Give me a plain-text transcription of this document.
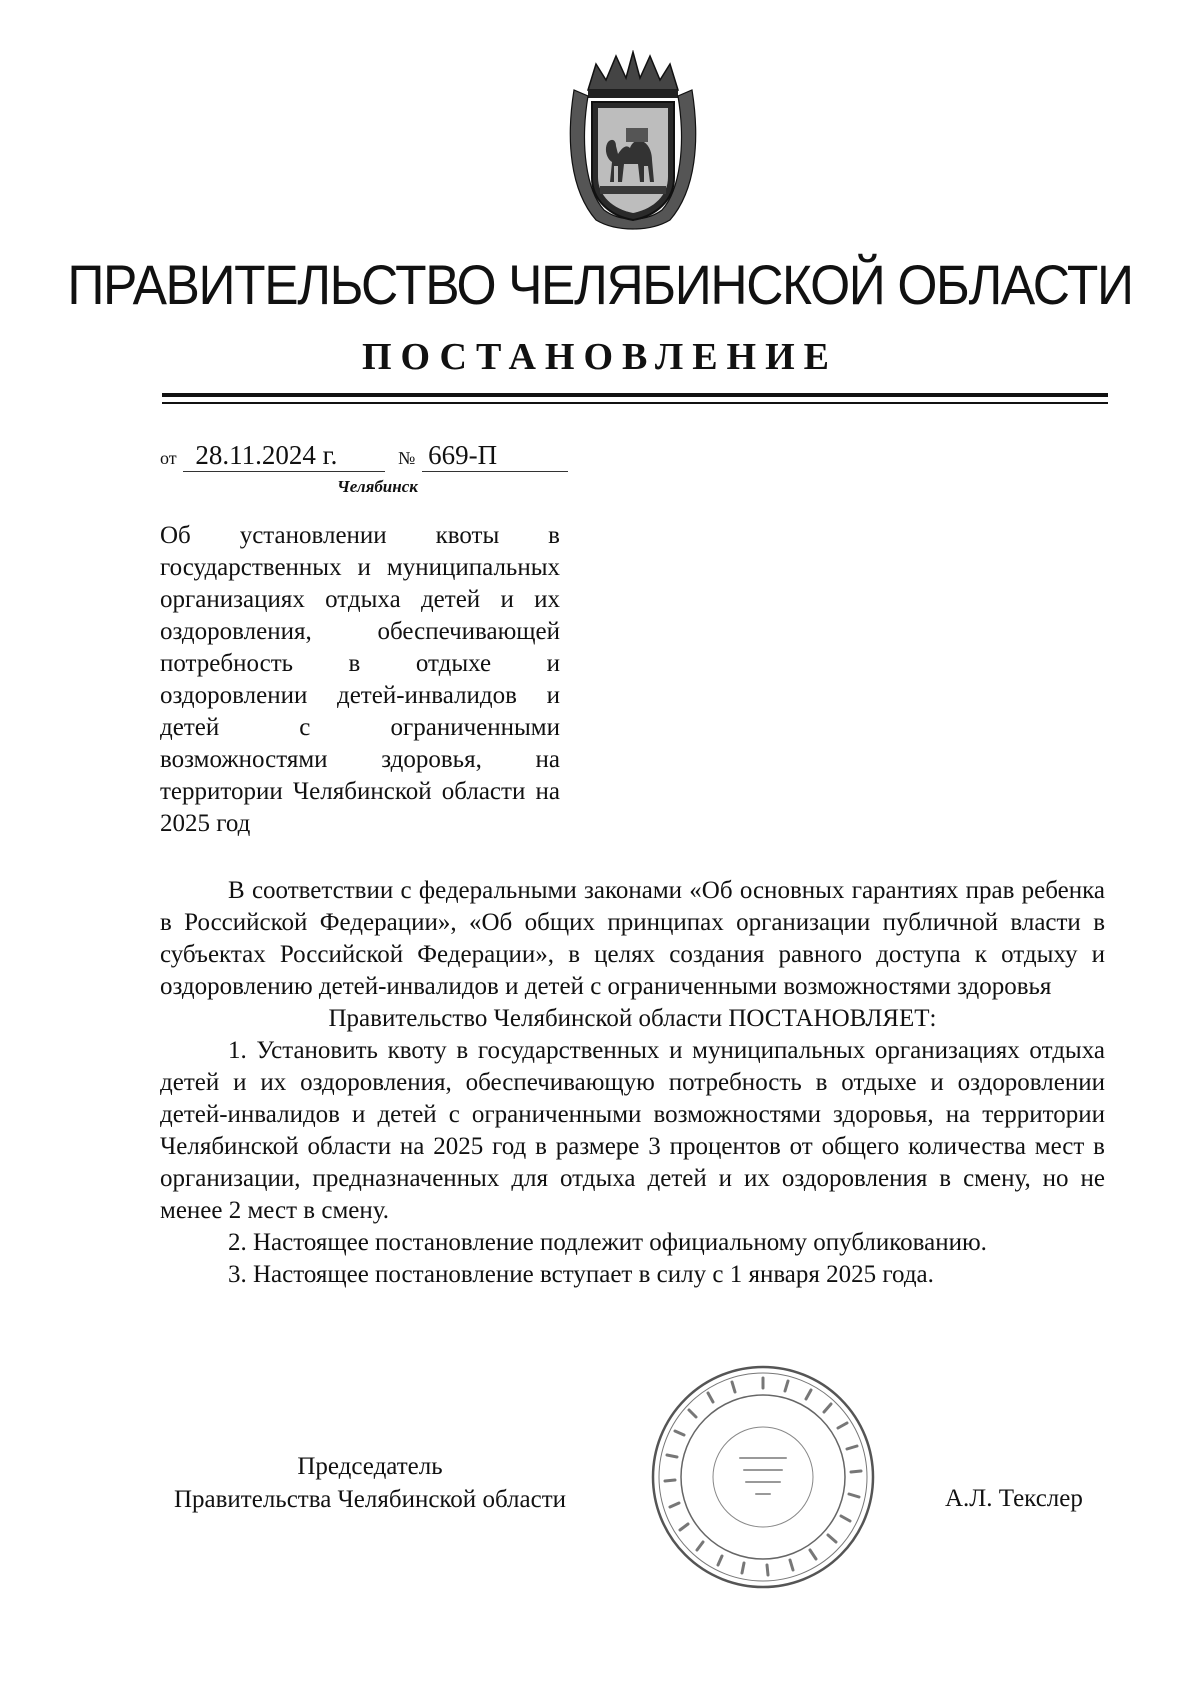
ПРАВИТЕЛЬСТВО ЧЕЛЯБИНСКОЙ ОБЛАСТИ
ПОСТАНОВЛЕНИЕ
от 28.11.2024 г.	№ 669-П
Челябинск
Об установлении квоты в государственных и муниципальных организациях отдыха детей и их оздоровления, обеспечивающей потребность в отдыхе и оздоровлении детей-инвалидов и детей с ограниченными возможностями здоровья, на территории Челябинской области на 2025 год

В соответствии с федеральными законами «Об основных гарантиях прав ребенка в Российской Федерации», «Об общих принципах организации публичной власти в субъектах Российской Федерации», в целях создания равного доступа к отдыху и оздоровлению детей-инвалидов и детей с ограниченными возможностями здоровья

Правительство Челябинской области ПОСТАНОВЛЯЕТ:

1. Установить квоту в государственных и муниципальных организациях отдыха детей и их оздоровления, обеспечивающую потребность в отдыхе и оздоровлении детей-инвалидов и детей с ограниченными возможностями здоровья, на территории Челябинской области на 2025 год в размере 3 процентов от общего количества мест в организации, предназначенных для отдыха детей и их оздоровления в смену, но не менее 2 мест в смену.

2. Настоящее постановление подлежит официальному опубликованию.

3. Настоящее постановление вступает в силу с 1 января 2025 года.

Председатель
Правительства Челябинской области	А.Л. Текслер
